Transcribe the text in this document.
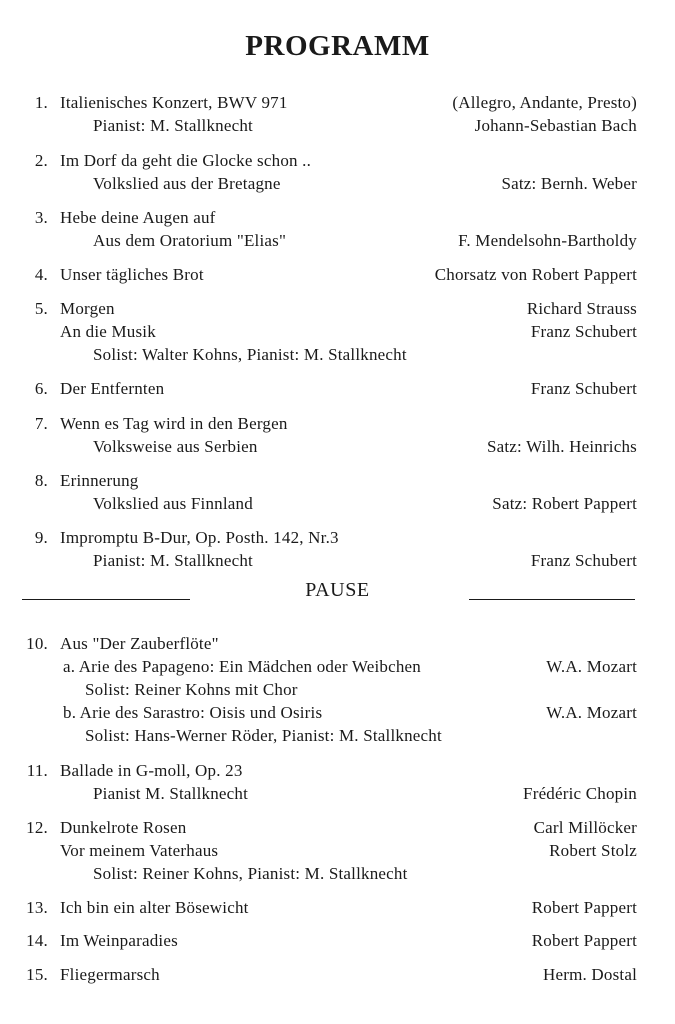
PROGRAMM
1. Italienisches Konzert, BWV 971	(Allegro, Andante, Presto)
Pianist: M. Stallknecht	Johann-Sebastian Bach
2. Im Dorf da geht die Glocke schon ..
Volkslied aus der Bretagne	Satz: Bernh. Weber
3. Hebe deine Augen auf
Aus dem Oratorium "Elias"	F. Mendelsohn-Bartholdy
4. Unser tägliches Brot	Chorsatz von Robert Pappert
5. Morgen	Richard Strauss
An die Musik	Franz Schubert
Solist: Walter Kohns, Pianist: M. Stallknecht
6. Der Entfernten	Franz Schubert
7. Wenn es Tag wird in den Bergen
Volksweise aus Serbien	Satz: Wilh. Heinrichs
8. Erinnerung
Volkslied aus Finnland	Satz: Robert Pappert
9. Impromptu B-Dur, Op. Posth. 142, Nr.3
Pianist: M. Stallknecht	Franz Schubert
PAUSE
10. Aus "Der Zauberflöte"
a. Arie des Papageno: Ein Mädchen oder Weibchen	W.A. Mozart
Solist: Reiner Kohns mit Chor
b. Arie des Sarastro: Oisis und Osiris	W.A. Mozart
Solist: Hans-Werner Röder, Pianist: M. Stallknecht
11. Ballade in G-moll, Op. 23
Pianist M. Stallknecht	Frédéric Chopin
12. Dunkelrote Rosen	Carl Millöcker
Vor meinem Vaterhaus	Robert Stolz
Solist: Reiner Kohns, Pianist: M. Stallknecht
13. Ich bin ein alter Bösewicht	Robert Pappert
14. Im Weinparadies	Robert Pappert
15. Fliegermarsch	Herm. Dostal
